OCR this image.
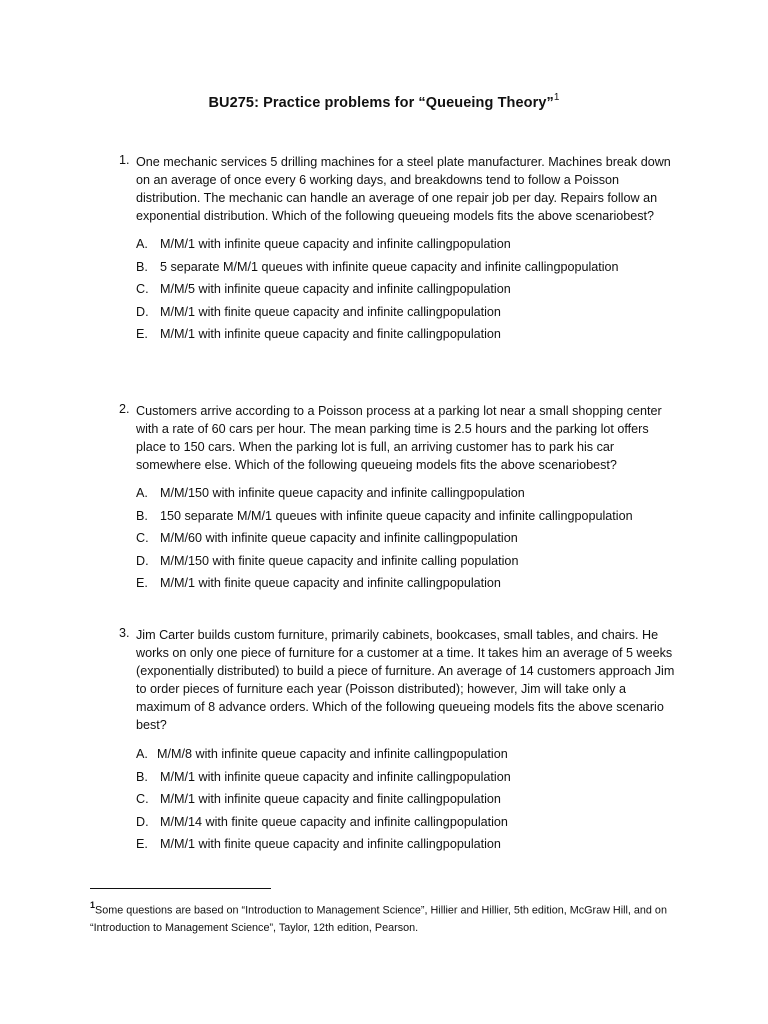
BU275: Practice problems for “Queueing Theory”$^1$
1. One mechanic services 5 drilling machines for a steel plate manufacturer. Machines break down on an average of once every 6 working days, and breakdowns tend to follow a Poisson distribution. The mechanic can handle an average of one repair job per day. Repairs follow an exponential distribution. Which of the following queueing models fits the above scenariobest?
A. M/M/1 with infinite queue capacity and infinite callingpopulation
B. 5 separate M/M/1 queues with infinite queue capacity and infinite callingpopulation
C. M/M/5 with infinite queue capacity and infinite callingpopulation
D. M/M/1 with finite queue capacity and infinite callingpopulation
E. M/M/1 with infinite queue capacity and finite callingpopulation
2. Customers arrive according to a Poisson process at a parking lot near a small shopping center with a rate of 60 cars per hour. The mean parking time is 2.5 hours and the parking lot offers place to 150 cars. When the parking lot is full, an arriving customer has to park his car somewhere else. Which of the following queueing models fits the above scenariobest?
A. M/M/150 with infinite queue capacity and infinite callingpopulation
B. 150 separate M/M/1 queues with infinite queue capacity and infinite callingpopulation
C. M/M/60 with infinite queue capacity and infinite callingpopulation
D. M/M/150 with finite queue capacity and infinite calling population
E. M/M/1 with finite queue capacity and infinite callingpopulation
3. Jim Carter builds custom furniture, primarily cabinets, bookcases, small tables, and chairs. He works on only one piece of furniture for a customer at a time. It takes him an average of 5 weeks (exponentially distributed) to build a piece of furniture. An average of 14 customers approach Jim to order pieces of furniture each year (Poisson distributed); however, Jim will take only a maximum of 8 advance orders. Which of the following queueing models fits the above scenario best?
A. M/M/8 with infinite queue capacity and infinite callingpopulation
B. M/M/1 with infinite queue capacity and infinite callingpopulation
C. M/M/1 with infinite queue capacity and finite callingpopulation
D. M/M/14 with finite queue capacity and infinite callingpopulation
E. M/M/1 with finite queue capacity and infinite callingpopulation
$^1$Some questions are based on “Introduction to Management Science”, Hillier and Hillier, 5th edition, McGraw Hill, and on “Introduction to Management Science”, Taylor, 12th edition, Pearson.
